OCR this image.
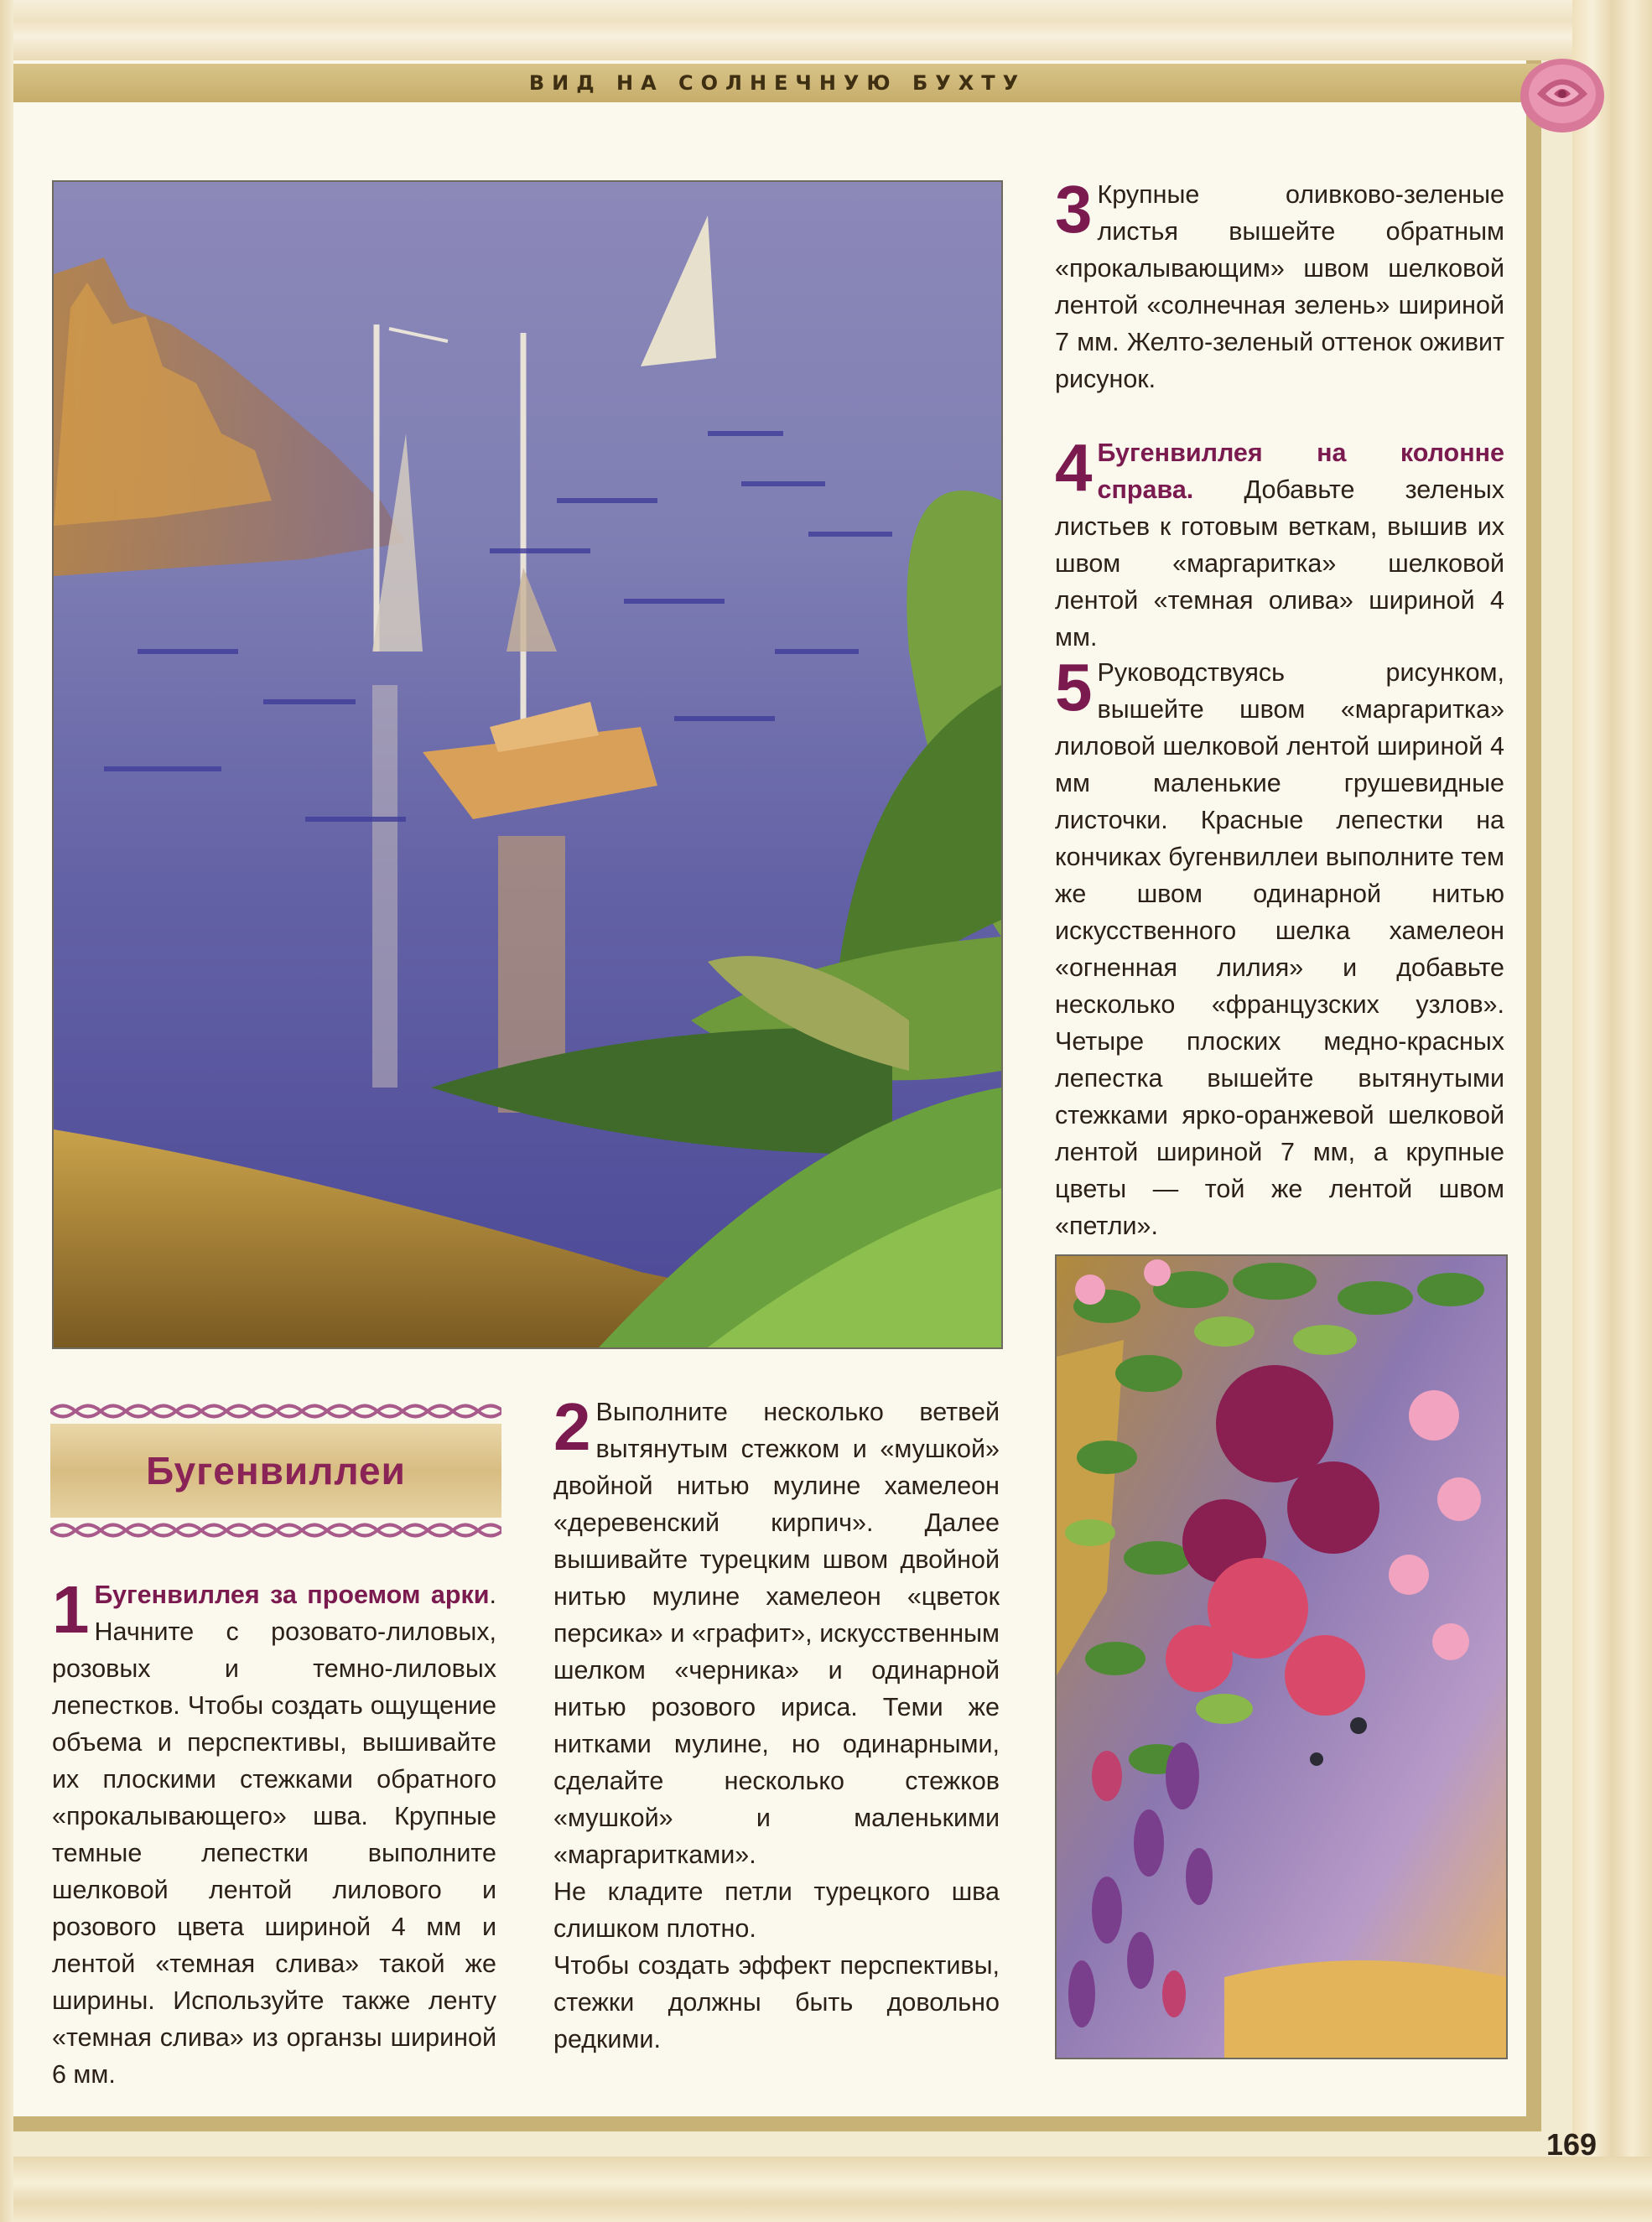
ВИД НА СОЛНЕЧНУЮ БУХТУ
Бугенвиллеи

1 Бугенвиллея за проемом арки. Начните с розовато-лиловых, розовых и темно-лиловых лепестков. Чтобы создать ощущение объема и перспективы, вышивайте их плоскими стежками обратного «прокалывающего» шва. Крупные темные лепестки выполните шелковой лентой лилового и розового цвета шириной 4 мм и лентой «темная слива» такой же ширины. Используйте также ленту «темная слива» из органзы шириной 6 мм.

2 Выполните несколько ветвей вытянутым стежком и «мушкой» двойной нитью мулине хамелеон «деревенский кирпич». Далее вышивайте турецким швом двойной нитью мулине хамелеон «цветок персика» и «графит», искусственным шелком «черника» и одинарной нитью розового ириса. Теми же нитками мулине, но одинарными, сделайте несколько стежков «мушкой» и маленькими «маргаритками».

Не кладите петли турецкого шва слишком плотно.

Чтобы создать эффект перспективы, стежки должны быть довольно редкими.

3 Крупные оливково-зеленые листья вышейте обратным «прокалывающим» швом шелковой лентой «солнечная зелень» шириной 7 мм. Желто-зеленый оттенок оживит рисунок.

4 Бугенвиллея на колонне справа. Добавьте зеленых листьев к готовым веткам, вышив их швом «маргаритка» шелковой лентой «темная олива» шириной 4 мм.

5 Руководствуясь рисунком, вышейте швом «маргаритка» лиловой шелковой лентой шириной 4 мм маленькие грушевидные листочки. Красные лепестки на кончиках бугенвиллеи выполните тем же швом одинарной нитью искусственного шелка хамелеон «огненная лилия» и добавьте несколько «французских узлов». Четыре плоских медно-красных лепестка вышейте вытянутыми стежками ярко-оранжевой шелковой лентой шириной 7 мм, а крупные цветы — той же лентой швом «петли».

169
